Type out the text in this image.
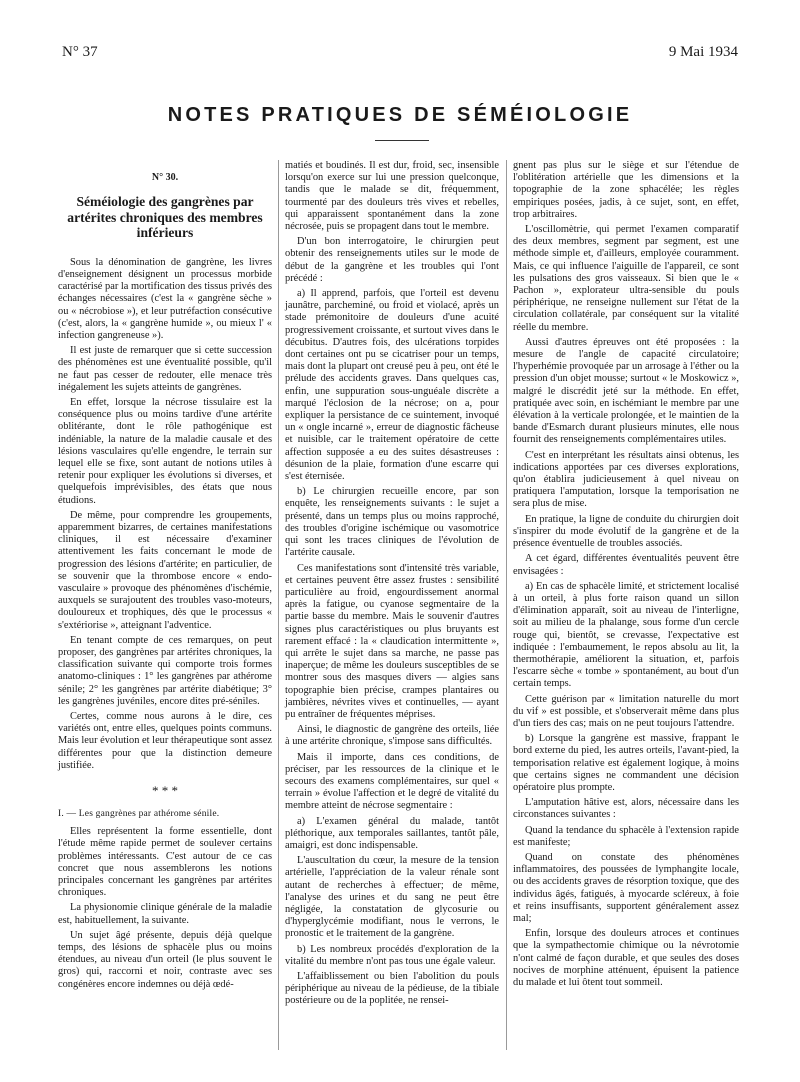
N° 37	9 Mai 1934
NOTES PRATIQUES DE SÉMÉIOLOGIE
N° 30.
Séméiologie des gangrènes par artérites chroniques des membres inférieurs

Sous la dénomination de gangrène, les livres d'enseignement désignent un processus morbide caractérisé par la mortification des tissus privés des échanges nécessaires (c'est la « gangrène sèche » ou « nécrobiose »), et leur putréfaction consécutive (c'est, alors, la « gangrène humide », ou mieux l' « infection gangreneuse »).

Il est juste de remarquer que si cette succession des phénomènes est une éventualité possible, qu'il ne faut pas cesser de redouter, elle menace très inégalement les sujets atteints de gangrènes.

En effet, lorsque la nécrose tissulaire est la conséquence plus ou moins tardive d'une artérite oblitérante, dont le rôle pathogénique est indéniable, la nature de la maladie causale et des lésions vasculaires qu'elle engendre, le terrain sur lequel elle se fixe, sont autant de notions utiles à retenir pour expliquer les évolutions si diverses, et quelquefois imprévisibles, des états que nous étudions.

De même, pour comprendre les groupements, apparemment bizarres, de certaines manifestations cliniques, il est nécessaire d'examiner attentivement les faits concernant le mode de progression des lésions d'artérite; en particulier, de se souvenir que la thrombose encore « endo-vasculaire » provoque des phénomènes d'ischémie, auxquels se surajoutent des troubles vaso-moteurs, douloureux et trophiques, dès que le processus « s'extériorise », atteignant l'adventice.

En tenant compte de ces remarques, on peut proposer, des gangrènes par artérites chroniques, la classification suivante qui comporte trois formes anatomo-cliniques : 1° les gangrènes par athérome sénile; 2° les gangrènes par artérite diabétique; 3° les gangrènes juvéniles, encore dites pré-séniles.

Certes, comme nous aurons à le dire, ces variétés ont, entre elles, quelques points communs. Mais leur évolution et leur thérapeutique sont assez différentes pour que la distinction demeure justifiée.

* * *
I. — Les gangrènes par athérome sénile.

Elles représentent la forme essentielle, dont l'étude même rapide permet de soulever certains problèmes intéressants. C'est autour de ce cas concret que nous assemblerons les notions principales concernant les gangrènes par artérites chroniques.

La physionomie clinique générale de la maladie est, habituellement, la suivante.

Un sujet âgé présente, depuis déjà quelque temps, des lésions de sphacèle plus ou moins étendues, au niveau d'un orteil (le plus souvent le gros) qui, raccorni et noir, contraste avec ses congénères encore indemnes ou déjà œdé-

matiés et boudinés. Il est dur, froid, sec, insensible lorsqu'on exerce sur lui une pression quelconque, tandis que le malade se dit, fréquemment, tourmenté par des douleurs très vives et rebelles, qui apparaissent spontanément dans la zone nécrosée, puis se propagent dans tout le membre.

D'un bon interrogatoire, le chirurgien peut obtenir des renseignements utiles sur le mode de début de la gangrène et les troubles qui l'ont précédé :

a) Il apprend, parfois, que l'orteil est devenu jaunâtre, parcheminé, ou froid et violacé, après un stade prémonitoire de douleurs d'une acuité progressivement croissante, et surtout vives dans le décubitus. D'autres fois, des ulcérations torpides dont certaines ont pu se cicatriser pour un temps, mais dont la plupart ont creusé peu à peu, ont été le prélude des accidents graves. Dans quelques cas, enfin, une suppuration sous-unguéale discrète a marqué l'éclosion de la nécrose; on a, pour expliquer la persistance de ce suintement, invoqué un « ongle incarné », erreur de diagnostic fâcheuse et nuisible, car le traitement opératoire de cette affection supposée a eu des suites désastreuses : désunion de la plaie, formation d'une escarre qui s'est éternisée.

b) Le chirurgien recueille encore, par son enquête, les renseignements suivants : le sujet a présenté, dans un temps plus ou moins rapproché, des troubles d'origine ischémique ou vasomotrice qui sont les traces cliniques de l'évolution de l'artérite causale.

Ces manifestations sont d'intensité très variable, et certaines peuvent être assez frustes : sensibilité particulière au froid, engourdissement anormal après la fatigue, ou cyanose segmentaire de la partie basse du membre. Mais le souvenir d'autres signes plus caractéristiques ou plus bruyants est rarement effacé : la « claudication intermittente », qui arrête le sujet dans sa marche, ne passe pas inaperçue; de même les douleurs susceptibles de se montrer sous des masques divers — algies sans topographie bien précise, crampes plantaires ou jambières, névrites vives et continuelles, — ayant pu entraîner de fréquentes méprises.

Ainsi, le diagnostic de gangrène des orteils, liée à une artérite chronique, s'impose sans difficultés.

Mais il importe, dans ces conditions, de préciser, par les ressources de la clinique et le secours des examens complémentaires, sur quel « terrain » évolue l'affection et le degré de vitalité du membre atteint de nécrose segmentaire :

a) L'examen général du malade, tantôt pléthorique, aux temporales saillantes, tantôt pâle, amaigri, est donc indispensable.

L'auscultation du cœur, la mesure de la tension artérielle, l'appréciation de la valeur rénale sont autant de recherches à effectuer; de même, l'analyse des urines et du sang ne peut être négligée, la constatation de glycosurie ou d'hyperglycémie modifiant, nous le verrons, le pronostic et le traitement de la gangrène.

b) Les nombreux procédés d'exploration de la vitalité du membre n'ont pas tous une égale valeur.

L'affaiblissement ou bien l'abolition du pouls périphérique au niveau de la pédieuse, de la tibiale postérieure ou de la poplitée, ne rensei-

gnent pas plus sur le siège et sur l'étendue de l'oblitération artérielle que les dimensions et la topographie de la zone sphacélée; les règles empiriques posées, jadis, à ce sujet, sont, en effet, trop arbitraires.

L'oscillomètrie, qui permet l'examen comparatif des deux membres, segment par segment, est une méthode simple et, d'ailleurs, employée couramment. Mais, ce qui influence l'aiguille de l'appareil, ce sont les pulsations des gros vaisseaux. Si bien que le « Pachon », explorateur ultra-sensible du pouls périphérique, ne renseigne nullement sur l'état de la circulation collatérale, par conséquent sur la vitalité réelle du membre.

Aussi d'autres épreuves ont été proposées : la mesure de l'angle de capacité circulatoire; l'hyperhémie provoquée par un arrosage à l'éther ou la pression d'un objet mousse; surtout « le Moskowicz », malgré le discrédit jeté sur la méthode. En effet, pratiquée avec soin, en ischémiant le membre par une élévation à la verticale prolongée, et le maintien de la bande d'Esmarch durant plusieurs minutes, elle nous fournit des renseignements complémentaires utiles.

C'est en interprétant les résultats ainsi obtenus, les indications apportées par ces diverses explorations, qu'on établira judicieusement à quel niveau on pratiquera l'amputation, lorsque la temporisation ne sera plus de mise.

En pratique, la ligne de conduite du chirurgien doit s'inspirer du mode évolutif de la gangrène et de la présence éventuelle de troubles associés.

A cet égard, différentes éventualités peuvent être envisagées :

a) En cas de sphacèle limité, et strictement localisé à un orteil, à plus forte raison quand un sillon d'élimination apparaît, soit au niveau de l'interligne, soit au milieu de la phalange, sous forme d'un cercle rouge qui, bientôt, se crevasse, l'expectative est indiquée : l'embaumement, le repos absolu au lit, la thermothérapie, améliorent la situation, et, parfois l'escarre sèche « tombe » spontanément, au bout d'un certain temps.

Cette guérison par « limitation naturelle du mort du vif » est possible, et s'observerait même dans plus d'un tiers des cas; mais on ne peut toujours l'attendre.

b) Lorsque la gangrène est massive, frappant le bord externe du pied, les autres orteils, l'avant-pied, la temporisation relative est également logique, à moins que certains signes ne commandent une décision opératoire plus prompte.

L'amputation hâtive est, alors, nécessaire dans les circonstances suivantes :

Quand la tendance du sphacèle à l'extension rapide est manifeste;

Quand on constate des phénomènes inflammatoires, des poussées de lymphangite locale, ou des accidents graves de résorption toxique, que des individus âgés, fatigués, à myocarde scléreux, à foie et reins insuffisants, supportent généralement assez mal;

Enfin, lorsque des douleurs atroces et continues que la sympathectomie chimique ou la névrotomie n'ont calmé de façon durable, et que seules des doses nocives de morphine atténuent, épuisent la patience du malade et lui ôtent tout sommeil.
